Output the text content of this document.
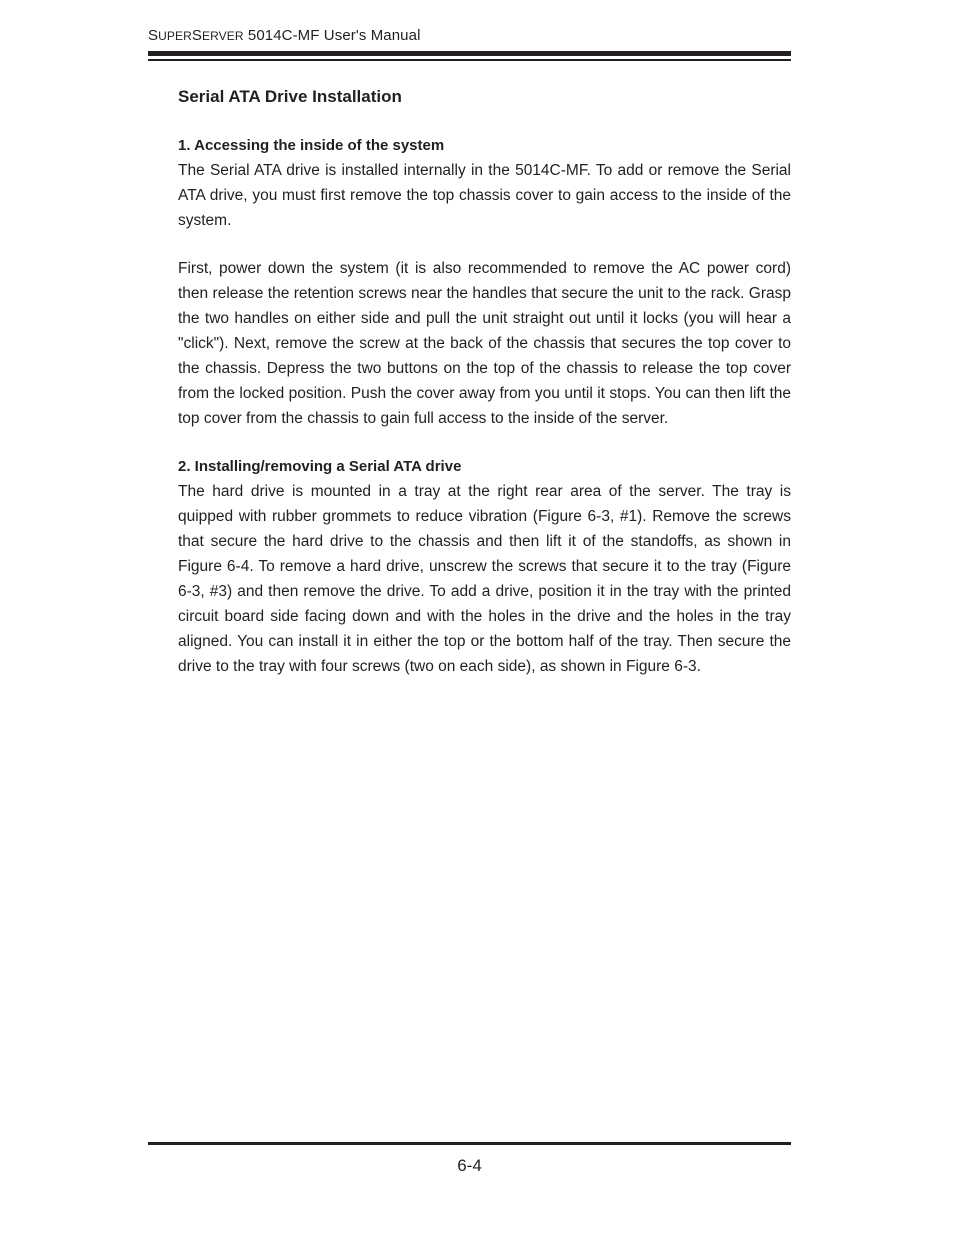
SUPERSERVER 5014C-MF User's Manual
Serial ATA Drive Installation
1. Accessing the inside of the system

The Serial ATA drive is installed internally in the 5014C-MF. To add or remove the Serial ATA drive, you must first remove the top chassis cover to gain access to the inside of the system.

First, power down the system (it is also recommended to remove the AC power cord) then release the retention screws near the handles that secure the unit to the rack. Grasp the two handles on either side and pull the unit straight out until it locks (you will hear a "click"). Next, remove the screw at the back of the chassis that secures the top cover to the chassis. Depress the two buttons on the top of the chassis to release the top cover from the locked position. Push the cover away from you until it stops. You can then lift the top cover from the chassis to gain full access to the inside of the server.

2. Installing/removing a Serial ATA drive

The hard drive is mounted in a tray at the right rear area of the server. The tray is quipped with rubber grommets to reduce vibration (Figure 6-3, #1). Remove the screws that secure the hard drive to the chassis and then lift it of the standoffs, as shown in Figure 6-4. To remove a hard drive, unscrew the screws that secure it to the tray (Figure 6-3, #3) and then remove the drive. To add a drive, position it in the tray with the printed circuit board side facing down and with the holes in the drive and the holes in the tray aligned. You can install it in either the top or the bottom half of the tray. Then secure the drive to the tray with four screws (two on each side), as shown in Figure 6-3.

6-4
